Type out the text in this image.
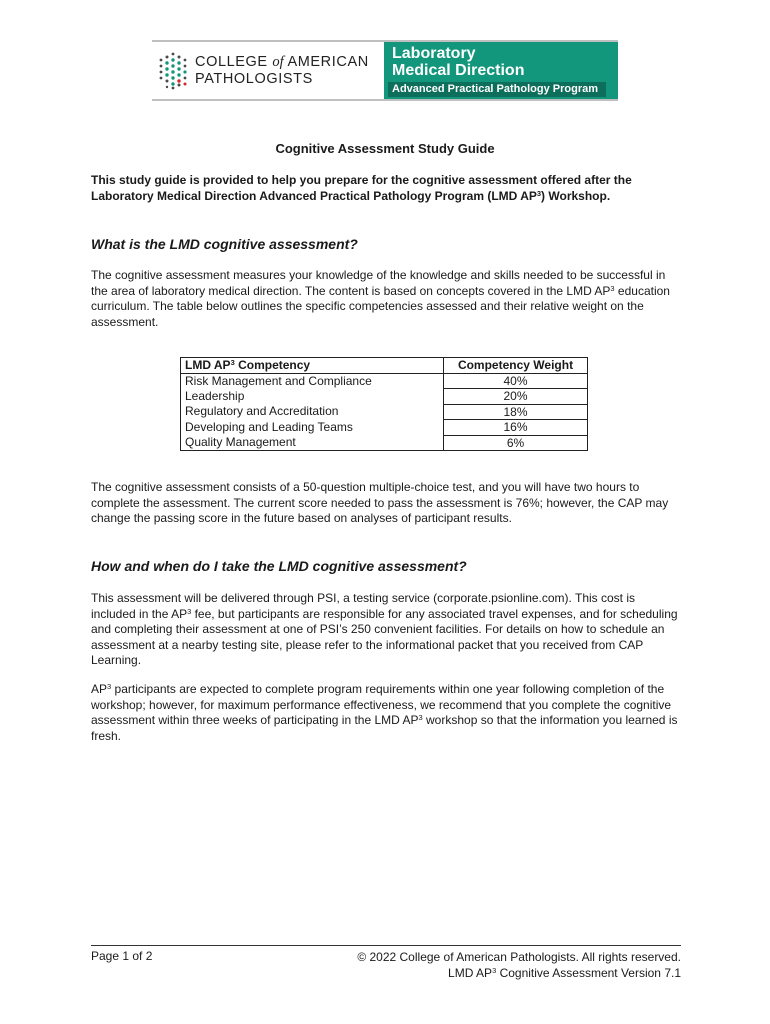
COLLEGE of AMERICAN
PATHOLOGISTS
Laboratory
Medical Direction
Advanced Practical Pathology Program
Cognitive Assessment Study Guide
This study guide is provided to help you prepare for the cognitive assessment offered after the Laboratory Medical Direction Advanced Practical Pathology Program (LMD $AP^3$) Workshop.
What is the LMD cognitive assessment?
The cognitive assessment measures your knowledge of the knowledge and skills needed to be successful in the area of laboratory medical direction. The content is based on concepts covered in the LMD $AP^3$ education curriculum. The table below outlines the specific competencies assessed and their relative weight on the assessment.
LMD $AP^3$ Competency	Competency Weight
Risk Management and Compliance	40%
Leadership	20%
Regulatory and Accreditation	18%
Developing and Leading Teams	16%
Quality Management	6%
The cognitive assessment consists of a 50-question multiple-choice test, and you will have two hours to complete the assessment. The current score needed to pass the assessment is 76%; however, the CAP may change the passing score in the future based on analyses of participant results.
How and when do I take the LMD cognitive assessment?
This assessment will be delivered through PSI, a testing service (corporate.psionline.com). This cost is included in the $AP^3$ fee, but participants are responsible for any associated travel expenses, and for scheduling and completing their assessment at one of PSI’s 250 convenient facilities. For details on how to schedule an assessment at a nearby testing site, please refer to the informational packet that you received from CAP Learning.
$AP^3$ participants are expected to complete program requirements within one year following completion of the workshop; however, for maximum performance effectiveness, we recommend that you complete the cognitive assessment within three weeks of participating in the LMD $AP^3$ workshop so that the information you learned is fresh.
Page 1 of 2	© 2022 College of American Pathologists. All rights reserved.
LMD $AP^3$ Cognitive Assessment Version 7.1
